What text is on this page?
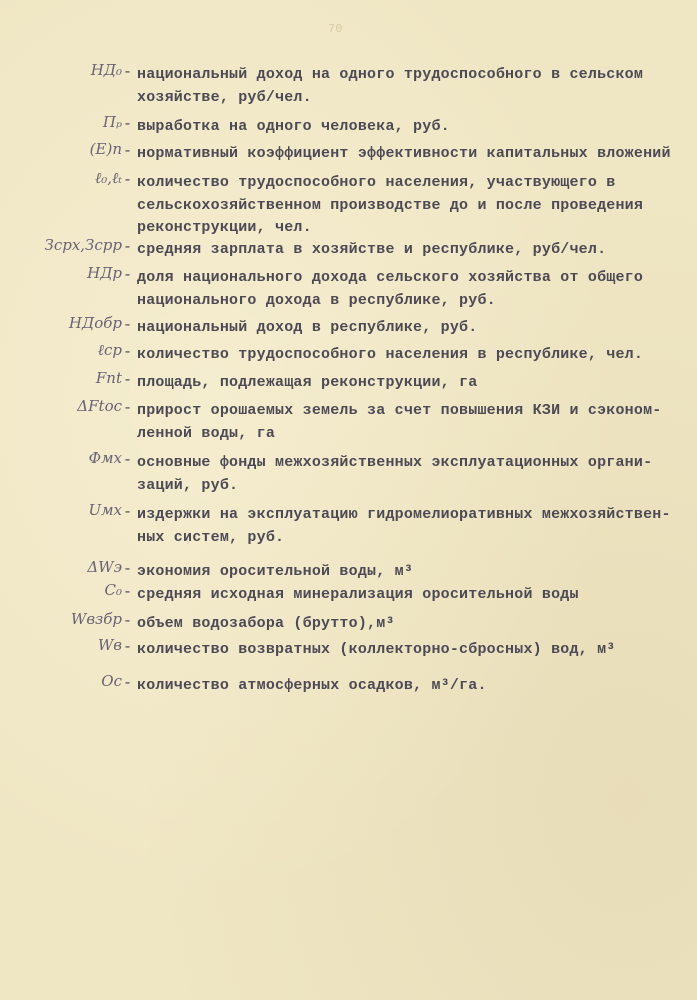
70
НД₀ - национальный доход на одного трудоспособного в сельском
хозяйстве, руб/чел.
Пₚ - выработка на одного человека, руб.
(E)n - нормативный коэффициент эффективности капитальных вложений
ℓ₀,ℓₜ - количество трудоспособного населения, участвующего в
сельскохозяйственном производстве до и после проведения
реконструкции, чел.
Зсрх,Зсрр - средняя зарплата в хозяйстве и республике, руб/чел.
НДр - доля национального дохода сельского хозяйства от общего
национального дохода в республике, руб.
НДобр - национальный доход в республике, руб.
ℓср - количество трудоспособного населения в республике, чел.
Fпt - площадь, подлежащая реконструкции, га
ΔFtос - прирост орошаемых земель за счет повышения КЗИ и сэконом-
ленной воды, га
Фмх - основные фонды межхозяйственных эксплуатационных органи-
заций, руб.
Uмх - издержки на эксплуатацию гидромелиоративных межхозяйствен-
ных систем, руб.
ΔWэ - экономия оросительной воды, м³
C₀ - средняя исходная минерализация оросительной воды
Wвзбр - объем водозабора (брутто),м³
Wв - количество возвратных (коллекторно-сбросных) вод, м³
Oс - количество атмосферных осадков, м³/га.
